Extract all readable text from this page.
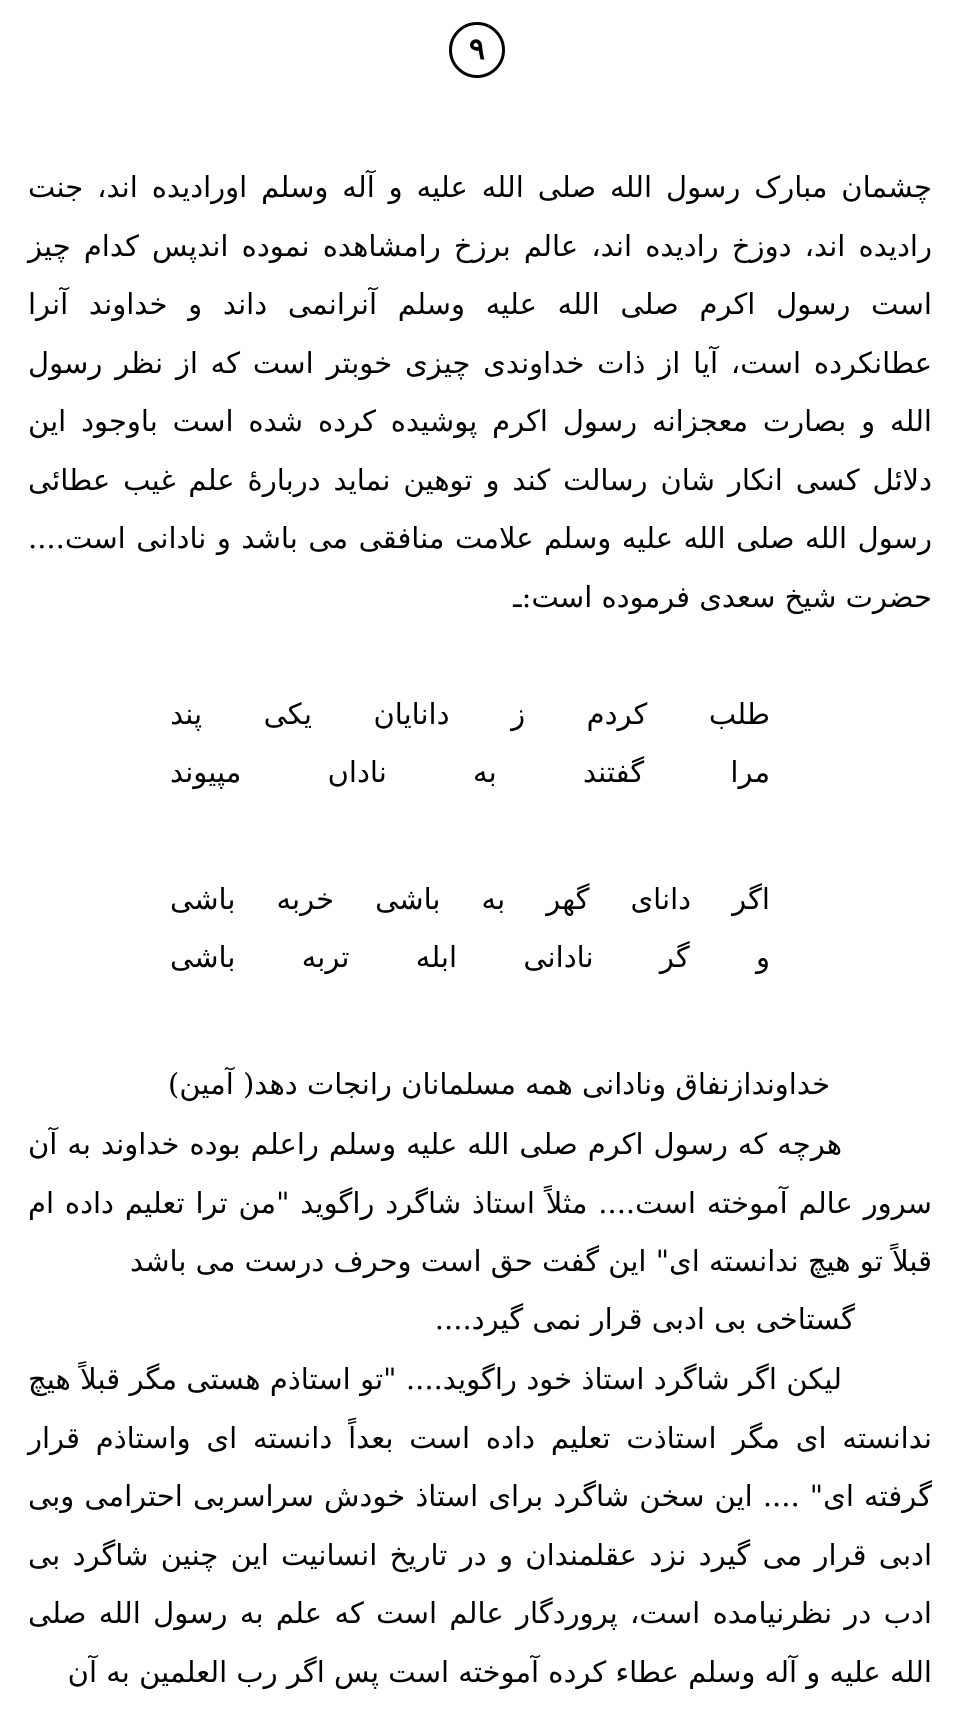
۹

چشمان مبارک رسول الله صلی الله علیه و آله وسلم اورادیده اند، جنت رادیده اند، دوزخ رادیده اند، عالم برزخ رامشاهده نموده اندپس کدام چیز است رسول اکرم صلی الله علیه وسلم آنرانمی داند و خداوند آنرا عطانکرده است، آیا از ذات خداوندی چیزی خوبتر است که از نظر رسول الله و بصارت معجزانه رسول اکرم پوشیده کرده شده است باوجود این دلائل کسی انکار شان رسالت کند و توهین نماید دربارهٔ علم غیب عطائی رسول الله صلی الله علیه وسلم علامت منافقی می باشد و نادانی است.... حضرت شیخ سعدی فرموده است:ـ

طلب
کردم
ز
دانایان
یکی
پند
مرا
گفتند
به
ناداں
مپیوند
اگر
دانای
گھر
به
باشی
خربه
باشی
و
گر
نادانی
ابله
تربه
باشی
خداوندازنفاق ونادانی همه مسلمانان رانجات دهد( آمین)

هرچه که رسول اکرم صلی الله علیه وسلم راعلم بوده خداوند به آن سرور عالم آموخته است.... مثلاً استاذ شاگرد راگوید "من ترا تعلیم داده ام قبلاً تو هیچ ندانسته ای" این گفت حق است وحرف درست می باشد

گستاخی بی ادبی قرار نمی گیرد....

لیکن اگر شاگرد استاذ خود راگوید.... "تو استاذم هستی مگر قبلاً هیچ ندانسته ای مگر استاذت تعلیم داده است بعداً دانسته ای واستاذم قرار گرفته ای" .... این سخن شاگرد برای استاذ خودش سراسربی احترامی وبی ادبی قرار می گیرد نزد عقلمندان و در تاریخ انسانیت این چنین شاگرد بی ادب در نظرنیامده است، پروردگار عالم است که علم به رسول الله صلی الله علیه و آله وسلم عطاء کرده آموخته است پس اگر رب العلمین به آن
